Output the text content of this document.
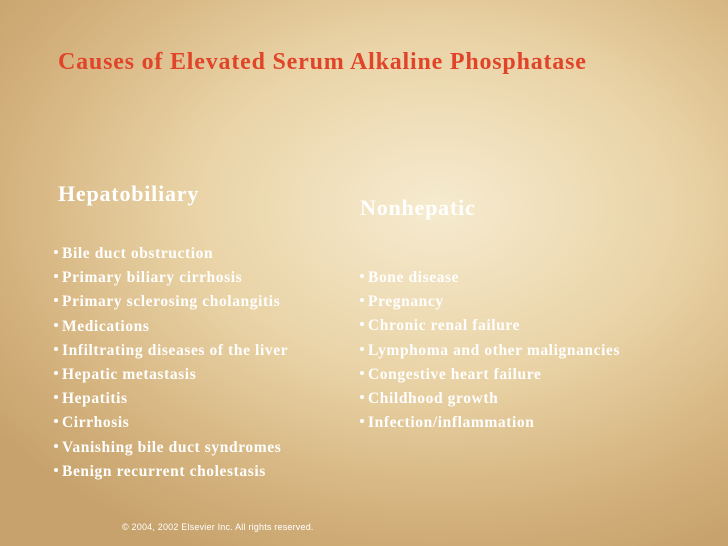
Causes of Elevated Serum Alkaline Phosphatase
Hepatobiliary
Nonhepatic
Bile duct obstruction
Primary biliary cirrhosis
Primary sclerosing cholangitis
Medications
Infiltrating diseases of the liver
Hepatic metastasis
Hepatitis
Cirrhosis
Vanishing bile duct syndromes
Benign recurrent cholestasis
Bone disease
Pregnancy
Chronic renal failure
Lymphoma and other malignancies
Congestive heart failure
Childhood growth
Infection/inflammation
© 2004, 2002 Elsevier Inc. All rights reserved.
